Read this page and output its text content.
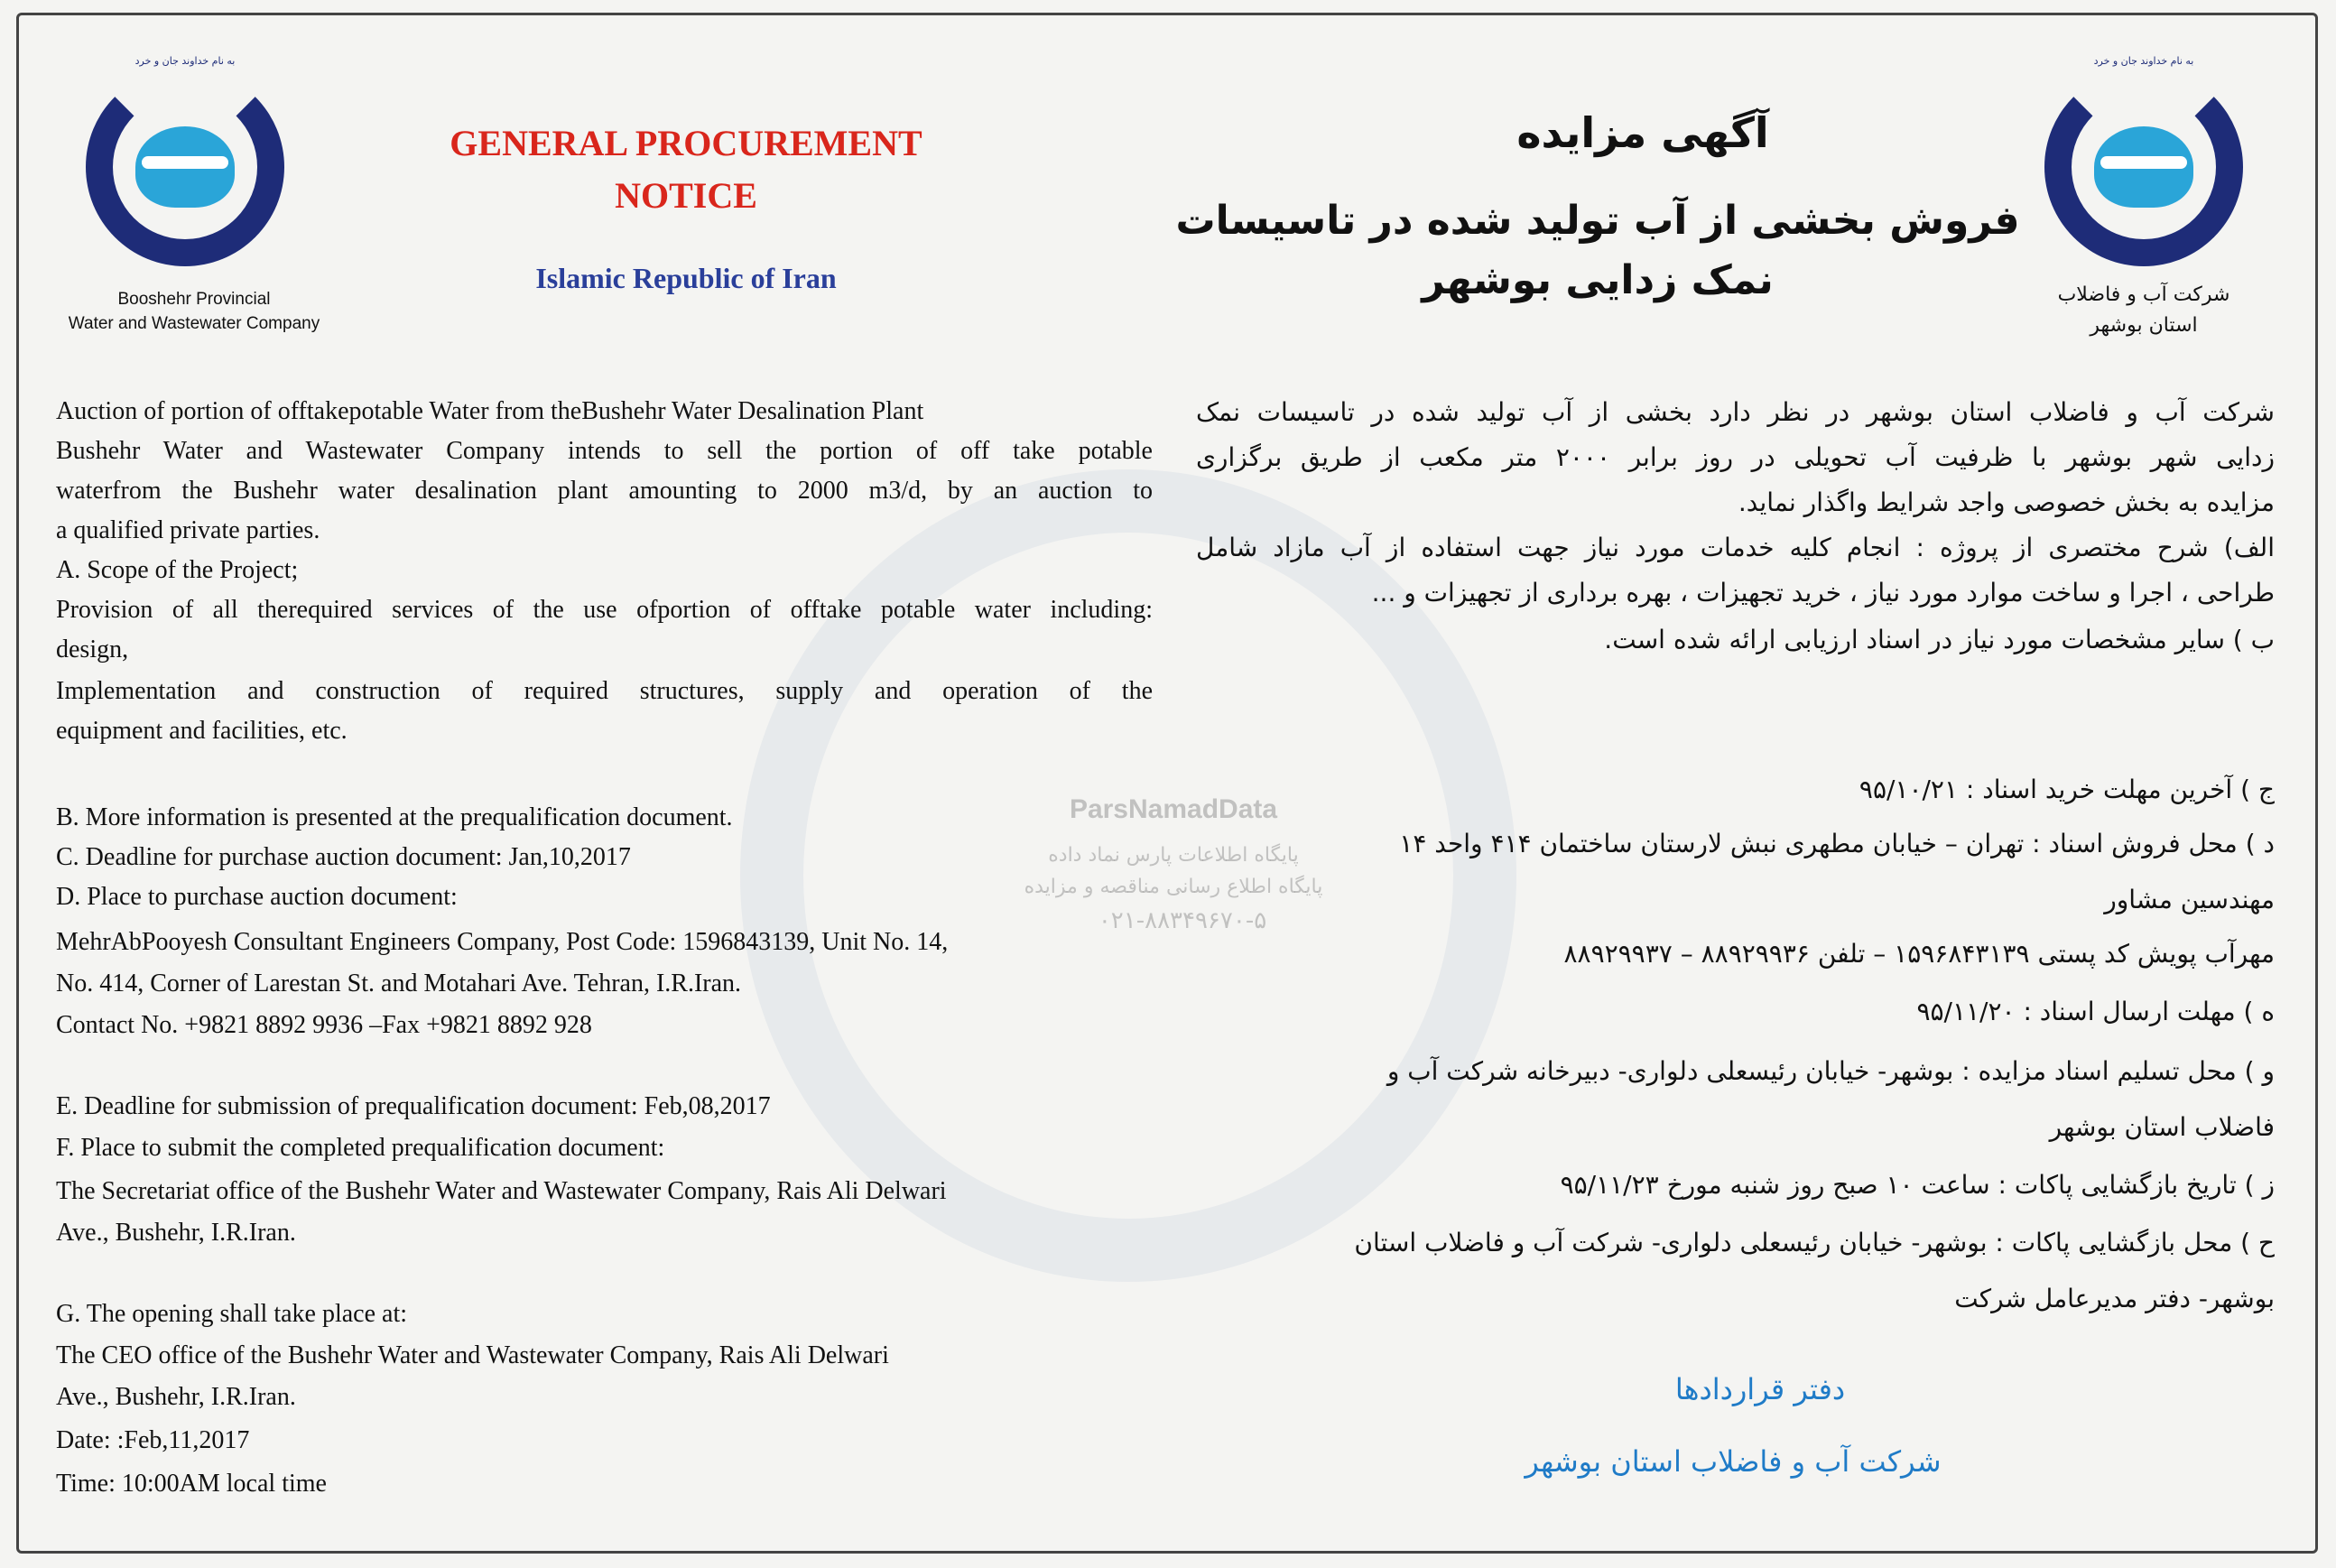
ParsNamadData
پایگاه اطلاعات پارس نماد داده
پایگاه اطلاع رسانی مناقصه و مزایده
۰۲۱-۸۸۳۴۹۶۷۰-۵
به نام خداوند جان و خرد
Booshehr Provincial
Water and Wastewater Company
به نام خداوند جان و خرد
شرکت آب و فاضلاب
استان بوشهر
GENERAL PROCUREMENT
NOTICE
Islamic Republic of Iran
آگهی مزایده
فروش بخشی از آب تولید شده در تاسیسات
نمک زدایی بوشهر
Auction of portion of offtakepotable Water from theBushehr Water Desalination Plant
Bushehr Water and Wastewater Company intends to sell the portion of off take potable
waterfrom the Bushehr water desalination plant amounting to 2000 m3/d, by an auction to
a qualified private parties.
A. Scope of the Project;
Provision of all therequired services of the use ofportion of offtake potable water including:
design,
Implementation and construction of required structures, supply and operation of the
equipment and facilities, etc.
B. More information is presented at the prequalification document.
C. Deadline for purchase auction document: Jan,10,2017
D. Place to purchase auction document:
MehrAbPooyesh Consultant Engineers Company, Post Code: 1596843139, Unit No. 14,
No. 414, Corner of Larestan St. and Motahari Ave. Tehran, I.R.Iran.
Contact No. +9821 8892 9936 –Fax +9821 8892 928
E. Deadline for submission of prequalification document: Feb,08,2017
F. Place to submit the completed prequalification document:
The Secretariat office of the Bushehr Water and Wastewater Company, Rais Ali Delwari
Ave., Bushehr, I.R.Iran.
G. The opening shall take place at:
The CEO office of the Bushehr Water and Wastewater Company, Rais Ali Delwari
Ave., Bushehr, I.R.Iran.
Date: :Feb,11,2017
Time: 10:00AM local time
شرکت آب و فاضلاب استان بوشهر در نظر دارد بخشی از آب تولید شده در تاسیسات نمک
زدایی شهر بوشهر با ظرفیت آب تحویلی در روز برابر ۲۰۰۰ متر مکعب از طریق برگزاری
مزایده به بخش خصوصی واجد شرایط واگذار نماید.
الف) شرح مختصری از پروژه : انجام کلیه خدمات مورد نیاز جهت استفاده از آب مازاد شامل
طراحی ، اجرا و ساخت موارد مورد نیاز ، خرید تجهیزات ، بهره برداری از تجهیزات و ...
ب ) سایر مشخصات مورد نیاز در اسناد ارزیابی ارائه شده است.
ج ) آخرین مهلت خرید اسناد : ۹۵/۱۰/۲۱
د ) محل فروش اسناد : تهران – خیابان مطهری نبش لارستان ساختمان ۴۱۴ واحد ۱۴
مهندسین مشاور
مهرآب پویش کد پستی ۱۵۹۶۸۴۳۱۳۹ – تلفن ۸۸۹۲۹۹۳۶ – ۸۸۹۲۹۹۳۷
ه ) مهلت ارسال اسناد : ۹۵/۱۱/۲۰
و ) محل تسلیم اسناد مزایده : بوشهر- خیابان رئیسعلی دلواری- دبیرخانه شرکت آب و
فاضلاب استان بوشهر
ز ) تاریخ بازگشایی پاکات : ساعت ۱۰ صبح روز شنبه مورخ ۹۵/۱۱/۲۳
ح ) محل بازگشایی پاکات : بوشهر- خیابان رئیسعلی دلواری- شرکت آب و فاضلاب استان
بوشهر- دفتر مدیرعامل شرکت
دفتر قراردادها
شرکت آب و فاضلاب استان بوشهر
